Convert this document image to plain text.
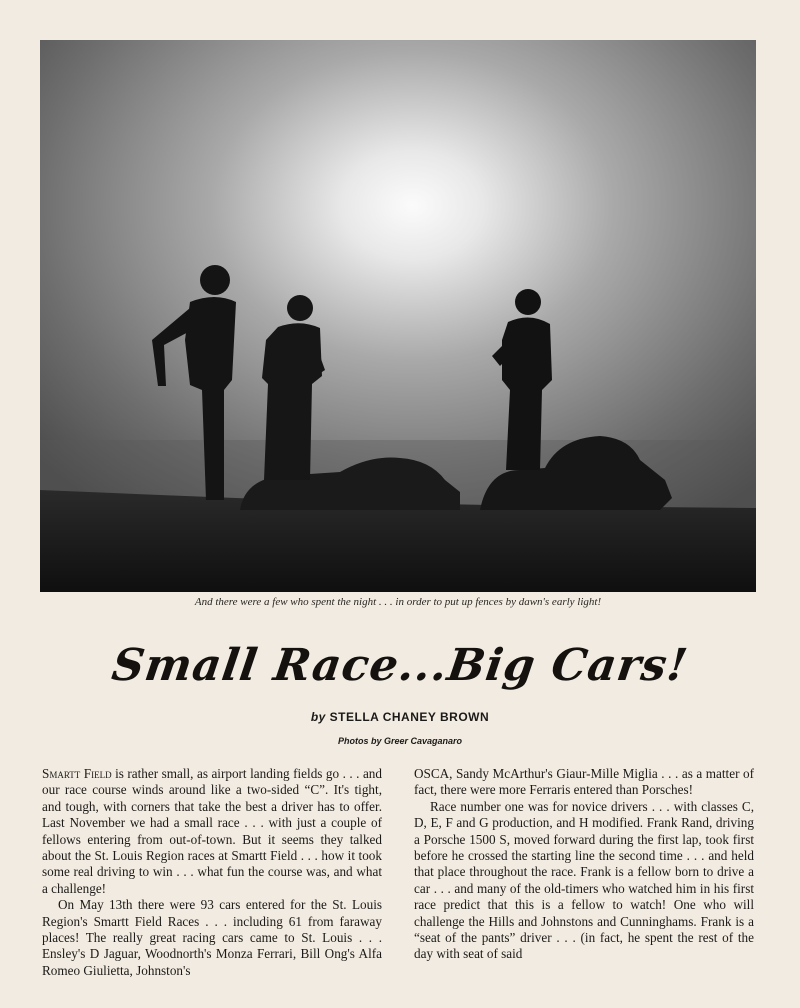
And there were a few who spent the night . . . in order to put up fences by dawn's early light!
Small Race...Big Cars!
by STELLA CHANEY BROWN
Photos by Greer Cavaganaro

Smartt Field is rather small, as airport landing fields go . . . and our race course winds around like a two-sided “C”. It's tight, and tough, with corners that take the best a driver has to offer. Last November we had a small race . . . with just a couple of fellows entering from out-of-town. But it seems they talked about the St. Louis Region races at Smartt Field . . . how it took some real driving to win . . . what fun the course was, and what a challenge!

On May 13th there were 93 cars entered for the St. Louis Region's Smartt Field Races . . . including 61 from faraway places! The really great racing cars came to St. Louis . . . Ensley's D Jaguar, Woodnorth's Monza Ferrari, Bill Ong's Alfa Romeo Giulietta, Johnston's

OSCA, Sandy McArthur's Giaur-Mille Miglia . . . as a matter of fact, there were more Ferraris entered than Porsches!

Race number one was for novice drivers . . . with classes C, D, E, F and G production, and H modified. Frank Rand, driving a Porsche 1500 S, moved forward during the first lap, took first before he crossed the starting line the second time . . . and held that place throughout the race. Frank is a fellow born to drive a car . . . and many of the old-timers who watched him in his first race predict that this is a fellow to watch! One who will challenge the Hills and Johnstons and Cunninghams. Frank is a “seat of the pants” driver . . . (in fact, he spent the rest of the day with seat of said
